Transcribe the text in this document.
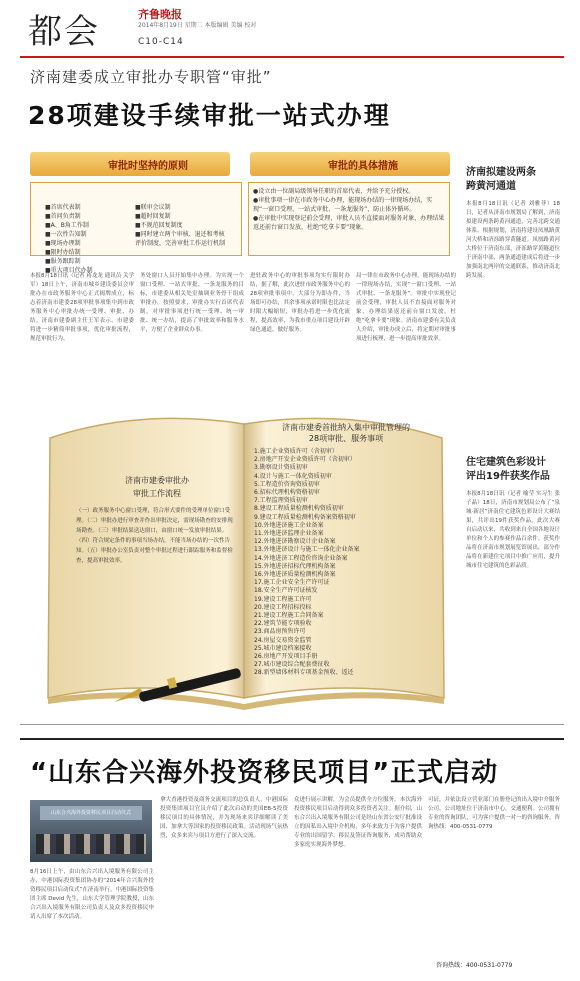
都会	齐鲁晚报
2014年8月19日 星期二 本版编辑 美编 校对
C10-C14
济南建委成立审批办专职管“审批”
28项建设手续审批一站式办理
审批时坚持的原则	审批的具体措施
■首席代表制
■首问负责制
■A、B角工作制
■一次性告知制
■现场办理制
■限时办结制
■服务跟踪制
■重大项目代办制
■联审会议制
■超时回复制
■不规范回复制度
■同时建立两个审核、退还和考核评价制度，完善审批工作运行机制
●设立由一位副局级领导任职的首席代表，并给予充分授权。
●审批事项一律在市政务中心办理，能现场办结的一律现场办结，实现“一窗口受理、一站式审批、一条龙服务”，防止体外循环。
●在审批中实现登记前会受理，审批人员不直接面对服务对象，办理结果返还前台窗口发放，杜绝“吃拿卡要”现象。
本报8月18日讯（记者 蒋龙龙 通讯员 关学军）18日上午，济南市城乡建设委员会审批办在市政务服务中心正式揭牌成立，标志着济南市建委28项审批事项集中到市政务服务中心审批办统一受理、审批、办结。济南市建委副主任王军表示，市建委将进一步精简审批事项，优化审批流程，规范审批行为。
务处窗口人员开始集中办理。为实现一个窗口受理、一站式审批、一条龙服务的目标，市建委从相关处室抽调业务骨干组成审批办。按照要求，审批办实行首席代表制，对审批事项进行统一受理、统一审批、统一办结，提高了审批效率和服务水平，方便了企业群众办事。
进驻政务中心的审批事项均实行限时办结，据了解，此次进驻市政务服务中心的28项审批事项中，大部分为即办件，当场即可办结，其余事项承诺时限也比法定时限大幅缩短，审批办将进一步优化流程，提高效率，为我市重点项目建设开辟绿色通道，做好服务。
局一律在市政务中心办理，能现场办结的一律现场办结，实现“一窗口受理、一站式审批、一条龙服务”。审批中实现登记前会受理，审批人员不直接面对服务对象，办理结果返还前台窗口发放，杜绝“吃拿卡要”现象。济南市建委有关负责人介绍，审批办成立后，将定期对审批事项进行梳理，进一步提高审批效率。
济南拟建设两条
跨黄河通道
本报8月18日讯（记者 刘雅菲）18日，记者从济南市规划局了解到，济南拟建设两条跨黄河通道，完善北跨交通体系。根据规划，济南将建设凤凰路黄河大桥和济泺路穿黄隧道。凤凰路黄河大桥位于济南东部，济泺路穿黄隧道位于济南中部，两条通道建成后将进一步加强南北两岸的交通联系，推动济南北跨发展。
住宅建筑色彩设计
评出19件获奖作品
本报8月18日讯（记者 喻莹 实习生 张子晶）18日，济南市规划局公布了“泉城·新居”济南住宅建筑色彩设计大赛结果，共评出19件获奖作品。此次大赛自启动以来，共收到来自全国各地设计单位和个人的参赛作品百余件。获奖作品将在济南市规划展览馆展出，部分作品将在新建住宅项目中推广应用，提升城市住宅建筑的色彩品质。
济南市建委审批办
审批工作流程
（一）政务服务中心窗口受理，符合形式要件的受理单位窗口受理。（二）审批办进行审查并作出审批决定，需现场勘查的安排现场勘查。（三）审批结果送达窗口，由窗口统一发放审批结果。（四）符合规定条件的事项当场办结，不能当场办结的一次性告知。（五）审批办公室负责对整个审批过程进行跟踪服务和监督检查，提高审批效率。
济南市建委首批纳入集中审批管理的
28项审批、服务事项
1.施工企业资质许可（含初审）
2.房地产开发企业资质许可（含初审）
3.勘察设计资质初审
4.设计与施工一体化资质初审
5.工程造价咨询资质初审
6.招标代理机构资格初审
7.工程监理资质初审
8.建设工程质量检测机构资质初审
9.建设工程质量检测机构备案资格初审
10.外地进济施工企业备案
11.外地进济监理企业备案
12.外地进济勘察设计企业备案
13.外地进济设计与施工一体化企业备案
14.外地进济工程造价咨询企业备案
15.外地进济招标代理机构备案
16.外地进济质量检测机构备案
17.施工企业安全生产许可证
18.安全生产许可证核发
19.建设工程施工许可
20.建设工程招标投标
21.建设工程施工合同备案
22.建筑节能专项验收
23.商品房预售许可
24.房屋交易资金监管
25.城市建设档案接收
26.房地产开发项目手册
27.城市建设综合配套费征收
28.新型墙体材料专项基金预收、返还
“山东合兴海外投资移民项目”正式启动
山东合兴海外投资移民项目启动仪式
8月16日上午，由山东合兴出入境服务有限公司主办，中港国际投资集团协办的“2014年合兴海外投资移民项目启动仪式”在济南举行。中港国际投资集团主席 Devid 先生，山东大学管理学院教授，山东合兴出入境服务有限公司负责人及众多投资移民申请人出席了本次活动。
拿大香港投资及商务交流项目的总负责人，中港国际投资集团项目官员介绍了此次启动的美国EB-5投资移民项目的具体情况，并为现场来宾详细解读了美国、加拿大等国家的投资移民政策。活动现场气氛热烈，众多来宾与项目方进行了深入交流。
众进行展示讲解，为会员提供全方位服务。本次海外投资移民项目启动得到众多投资者关注。据介绍，山东合兴出入境服务有限公司是经山东省公安厅批准设立的因私出入境中介机构，多年来致力于为客户提供专业的出国留学、移民及签证咨询服务，成功帮助众多家庭实现海外梦想。
可证，并依法设立营业部门在册登记的出入境中介服务公司。公司地址位于济南市中心，交通便利。公司拥有专业的咨询团队，可为客户提供一对一的咨询服务。咨询热线：400-0531-0779
咨询热线：400-0531-0779
